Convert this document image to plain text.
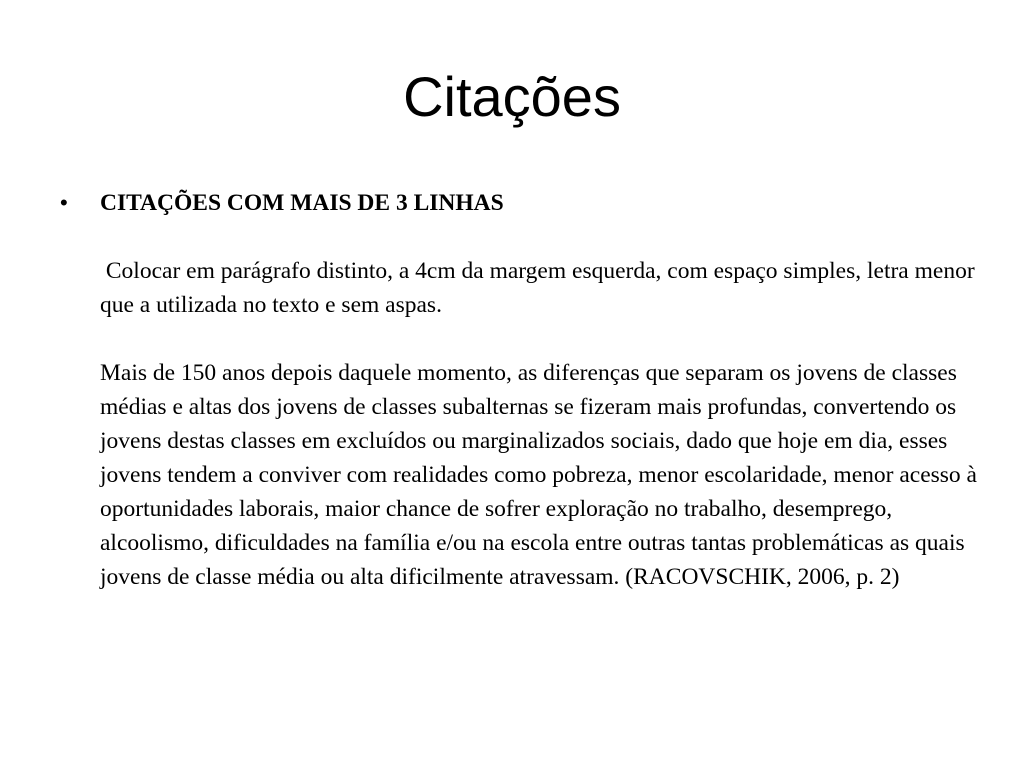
Citações
•	CITAÇÕES COM MAIS DE 3 LINHAS

Colocar em parágrafo distinto, a 4cm da margem esquerda, com espaço simples, letra menor que a utilizada no texto e sem aspas.

Mais de 150 anos depois daquele momento, as diferenças que separam os jovens de classes médias e altas dos jovens de classes subalternas se fizeram mais profundas, convertendo os jovens destas classes em excluídos ou marginalizados sociais, dado que hoje em dia, esses jovens tendem a conviver com realidades como pobreza, menor escolaridade, menor acesso à oportunidades laborais, maior chance de sofrer exploração no trabalho, desemprego, alcoolismo, dificuldades na família e/ou na escola entre outras tantas problemáticas as quais jovens de classe média ou alta dificilmente atravessam. (RACOVSCHIK, 2006, p. 2)
